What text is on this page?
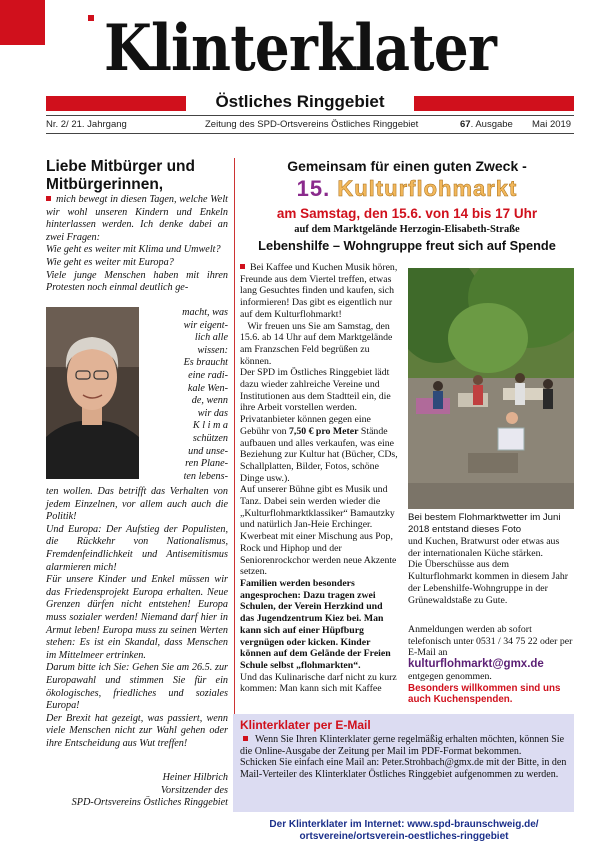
Klinterklater
Östliches Ringgebiet
Nr. 2/ 21. Jahrgang	Zeitung des SPD-Ortsvereins Östliches Ringgebiet	67. Ausgabe Mai 2019
Liebe Mitbürger und Mitbürgerinnen,
mich bewegt in diesen Tagen, welche Welt wir wohl unseren Kindern und Enkeln hinterlassen werden. Ich denke dabei an zwei Fragen:
Wie geht es weiter mit Klima und Umwelt?
Wie geht es weiter mit Europa?
Viele junge Menschen haben mit ihren Protesten noch einmal deutlich ge-
macht, was
wir eigent-
lich alle
wissen:
Es braucht
eine radi-
kale Wen-
de, wenn
wir das
K l i m a
schützen
und unse-
ren Plane-
ten lebens-
ten wollen. Das betrifft das Verhalten von jedem Einzelnen, vor allem auch auch die Politik!
Und Europa: Der Aufstieg der Populisten, die Rückkehr von Nationalismus, Fremdenfeindlichkeit und Antisemitismus alarmieren mich!
Für unsere Kinder und Enkel müssen wir das Friedensprojekt Europa erhalten. Neue Grenzen dürfen nicht entstehen! Europa muss sozialer werden! Niemand darf hier in Armut leben! Europa muss zu seinen Werten stehen: Es ist ein Skandal, dass Menschen im Mittelmeer ertrinken.
Darum bitte ich Sie: Gehen Sie am 26.5. zur Europawahl und stimmen Sie für ein ökologisches, friedliches und soziales Europa!
Der Brexit hat gezeigt, was passiert, wenn viele Menschen nicht zur Wahl gehen oder ihre Entscheidung aus Wut treffen!
Heiner Hilbrich
Vorsitzender des
SPD-Ortsvereins Östliches Ringgebiet
Gemeinsam für einen guten Zweck -
15. Kulturflohmarkt
am Samstag, den 15.6. von 14 bis 17 Uhr
auf dem Marktgelände Herzogin-Elisabeth-Straße
Lebenshilfe – Wohngruppe freut sich auf Spende
Bei Kaffee und Kuchen Musik hören, Freunde aus dem Viertel treffen, etwas lang Gesuchtes finden und kaufen, sich informieren! Das gibt es eigentlich nur auf dem Kulturflohmarkt!
Wir freuen uns Sie am Samstag, den 15.6. ab 14 Uhr auf dem Marktgelände am Franzschen Feld begrüßen zu können.
Der SPD im Östliches Ringgebiet lädt dazu wieder zahlreiche Vereine und Institutionen aus dem Stadtteil ein, die ihre Arbeit vorstellen werden. Privatanbieter können gegen eine Gebühr von 7,50 € pro Meter Stände aufbauen und alles verkaufen, was eine Beziehung zur Kultur hat (Bücher, CDs, Schallplatten, Bilder, Fotos, schöne Dinge usw.).
Auf unserer Bühne gibt es Musik und Tanz. Dabei sein werden wieder die „Kulturflohmarktklassiker“ Bamautzky und natürlich Jan-Heie Erchinger. Kwerbeat mit einer Mischung aus Pop, Rock und Hiphop und der Seniorenrockchor werden neue Akzente setzen.
Familien werden besonders angesprochen: Dazu tragen zwei Schulen, der Verein Herzkind und das Jugendzentrum Kiez bei. Man kann sich auf einer Hüpfburg vergnügen oder kicken. Kinder können auf dem Gelände der Freien Schule selbst „flohmarkten“.
Und das Kulinarische darf nicht zu kurz kommen: Man kann sich mit Kaffee
Bei bestem Flohmarktwetter im Juni
2018 entstand dieses Foto
und Kuchen, Bratwurst oder etwas aus der internationalen Küche stärken.
Die Überschüsse aus dem Kulturflohmarkt kommen in diesem Jahr der Lebenshilfe-Wohngruppe in der Grünewaldstaße zu Gute.
Anmeldungen werden ab sofort telefonisch unter 0531 / 34 75 22 oder per E-Mail an
kulturflohmarkt@gmx.de
entgegen genommen.
Besonders willkommen sind uns auch Kuchenspenden.
Klinterklater per E-Mail
Wenn Sie Ihren Klinterklater gerne regelmäßig erhalten möchten, können Sie die Online-Ausgabe der Zeitung per Mail im PDF-Format bekommen.
Schicken Sie einfach eine Mail an: Peter.Strohbach@gmx.de mit der Bitte, in den Mail-Verteiler des Klinterklater Östliches Ringgebiet aufgenommen zu werden.
Der Klinterklater im Internet: www.spd-braunschweig.de/
ortsvereine/ortsverein-oestliches-ringgebiet
